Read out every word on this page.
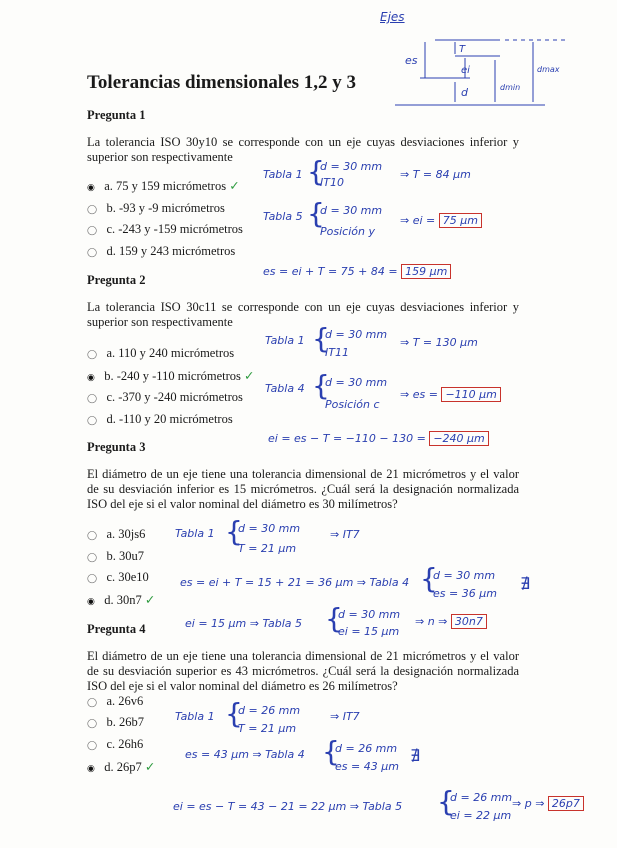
Ejes
es
T
ei
d	dmin
dmax
Tolerancias dimensionales 1,2 y 3
Pregunta 1
La tolerancia ISO 30y10 se corresponde con un eje cuyas desviaciones inferior y superior son respectivamente
◉ a. 75 y 159 micrómetros ✓
◯ b. -93 y -9 micrómetros
◯ c. -243 y -159 micrómetros
◯ d. 159 y 243 micrómetros
Tabla 1 {
d = 30 mm
IT10
⇒ T = 84 μm
Tabla 5 {
d = 30 mm
Posición y
⇒ ei = 75 μm
es = ei + T = 75 + 84 = 159 μm
Pregunta 2
La tolerancia ISO 30c11 se corresponde con un eje cuyas desviaciones inferior y superior son respectivamente
◯ a. 110 y 240 micrómetros
◉ b. -240 y -110 micrómetros ✓
◯ c. -370 y -240 micrómetros
◯ d. -110 y 20 micrómetros
Tabla 1 {
d = 30 mm
IT11
⇒ T = 130 μm
Tabla 4 {
d = 30 mm
Posición c
⇒ es = −110 μm
ei = es − T = −110 − 130 = −240 μm
Pregunta 3
El diámetro de un eje tiene una tolerancia dimensional de 21 micrómetros y el valor de su desviación inferior es 15 micrómetros. ¿Cuál será la designación normalizada ISO del eje si el valor nominal del diámetro es 30 milímetros?
◯ a. 30js6
◯ b. 30u7
◯ c. 30e10
◉ d. 30n7 ✓
Tabla 1 {
d = 30 mm
T = 21 μm
⇒ IT7
es = ei + T = 15 + 21 = 36 μm ⇒ Tabla 4 {
d = 30 mm
es = 36 μm
∄
ei = 15 μm ⇒ Tabla 5 {
d = 30 mm
ei = 15 μm
⇒ n ⇒ 30n7
Pregunta 4
El diámetro de un eje tiene una tolerancia dimensional de 21 micrómetros y el valor de su desviación superior es 43 micrómetros. ¿Cuál será la designación normalizada ISO del eje si el valor nominal del diámetro es 26 milímetros?
◯ a. 26v6
◯ b. 26b7
◯ c. 26h6
◉ d. 26p7 ✓
Tabla 1 {
d = 26 mm
T = 21 μm
⇒ IT7
es = 43 μm ⇒ Tabla 4 {
d = 26 mm
es = 43 μm
∄
ei = es − T = 43 − 21 = 22 μm ⇒ Tabla 5 {
d = 26 mm
ei = 22 μm
⇒ p ⇒ 26p7
